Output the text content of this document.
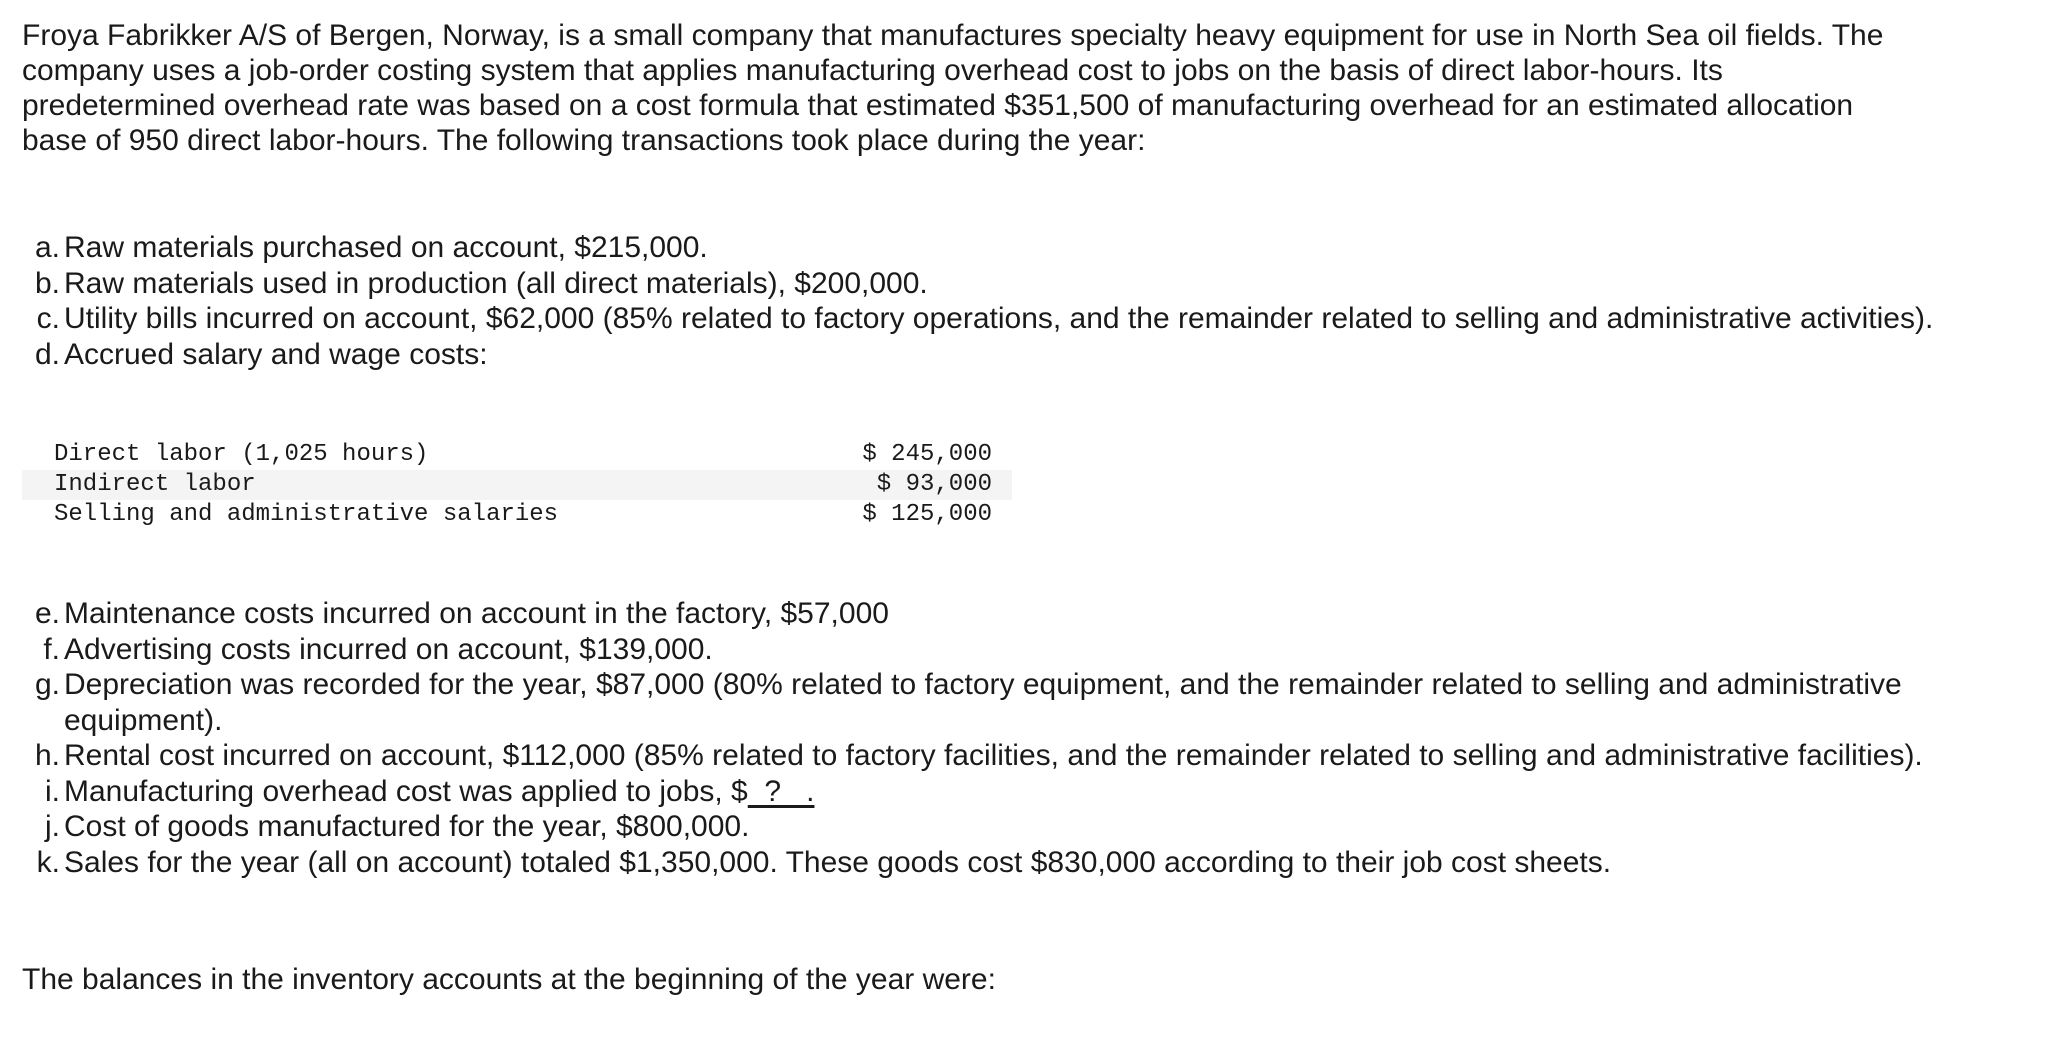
Froya Fabrikker A/S of Bergen, Norway, is a small company that manufactures specialty heavy equipment for use in North Sea oil fields. The company uses a job-order costing system that applies manufacturing overhead cost to jobs on the basis of direct labor-hours. Its predetermined overhead rate was based on a cost formula that estimated $351,500 of manufacturing overhead for an estimated allocation base of 950 direct labor-hours. The following transactions took place during the year:

a. Raw materials purchased on account, $215,000.
b. Raw materials used in production (all direct materials), $200,000.
c. Utility bills incurred on account, $62,000 (85% related to factory operations, and the remainder related to selling and administrative activities).
d. Accrued salary and wage costs:
Direct labor (1,025 hours)	$ 245,000
Indirect labor	$ 93,000
Selling and administrative salaries	$ 125,000
e. Maintenance costs incurred on account in the factory, $57,000
f. Advertising costs incurred on account, $139,000.
g. Depreciation was recorded for the year, $87,000 (80% related to factory equipment, and the remainder related to selling and administrative equipment).
h. Rental cost incurred on account, $112,000 (85% related to factory facilities, and the remainder related to selling and administrative facilities).
i. Manufacturing overhead cost was applied to jobs, $  ?   .
j. Cost of goods manufactured for the year, $800,000.
k. Sales for the year (all on account) totaled $1,350,000. These goods cost $830,000 according to their job cost sheets.

The balances in the inventory accounts at the beginning of the year were:
